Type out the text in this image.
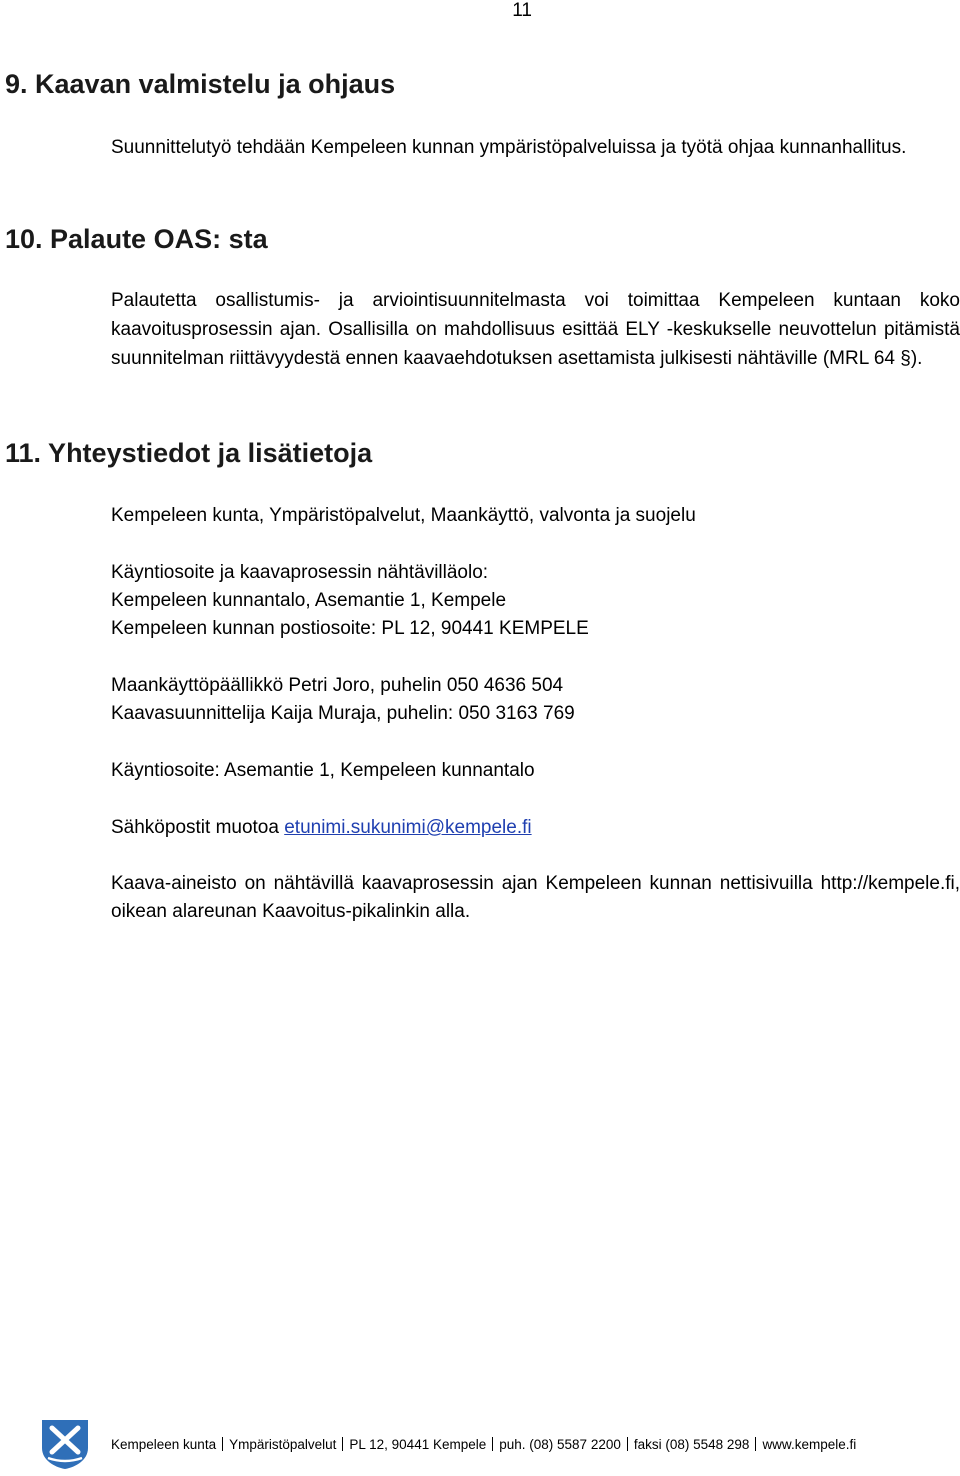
11
9. Kaavan valmistelu ja ohjaus

Suunnittelutyö tehdään Kempeleen kunnan ympäristöpalveluissa ja työtä ohjaa kunnanhallitus.

10. Palaute OAS: sta

Palautetta osallistumis- ja arviointisuunnitelmasta voi toimittaa Kempeleen kuntaan koko kaavoitusprosessin ajan. Osallisilla on mahdollisuus esittää ELY -keskukselle neuvottelun pitämistä suunnitelman riittävyydestä ennen kaavaehdotuksen asettamista julkisesti nähtäville (MRL 64 §).

11. Yhteystiedot ja lisätietoja

Kempeleen kunta, Ympäristöpalvelut, Maankäyttö, valvonta ja suojelu

Käyntiosoite ja kaavaprosessin nähtävilläolo:

Kempeleen kunnantalo, Asemantie 1, Kempele

Kempeleen kunnan postiosoite: PL 12, 90441 KEMPELE

Maankäyttöpäällikkö Petri Joro, puhelin 050 4636 504

Kaavasuunnittelija Kaija Muraja, puhelin: 050 3163 769

Käyntiosoite: Asemantie 1, Kempeleen kunnantalo

Sähköpostit muotoa etunimi.sukunimi@kempele.fi

Kaava-aineisto on nähtävillä kaavaprosessin ajan Kempeleen kunnan nettisivuilla http://kempele.fi, oikean alareunan Kaavoitus-pikalinkin alla.

Kempeleen kunta Ympäristöpalvelut PL 12, 90441 Kempele puh. (08) 5587 2200 faksi (08) 5548 298 www.kempele.fi
